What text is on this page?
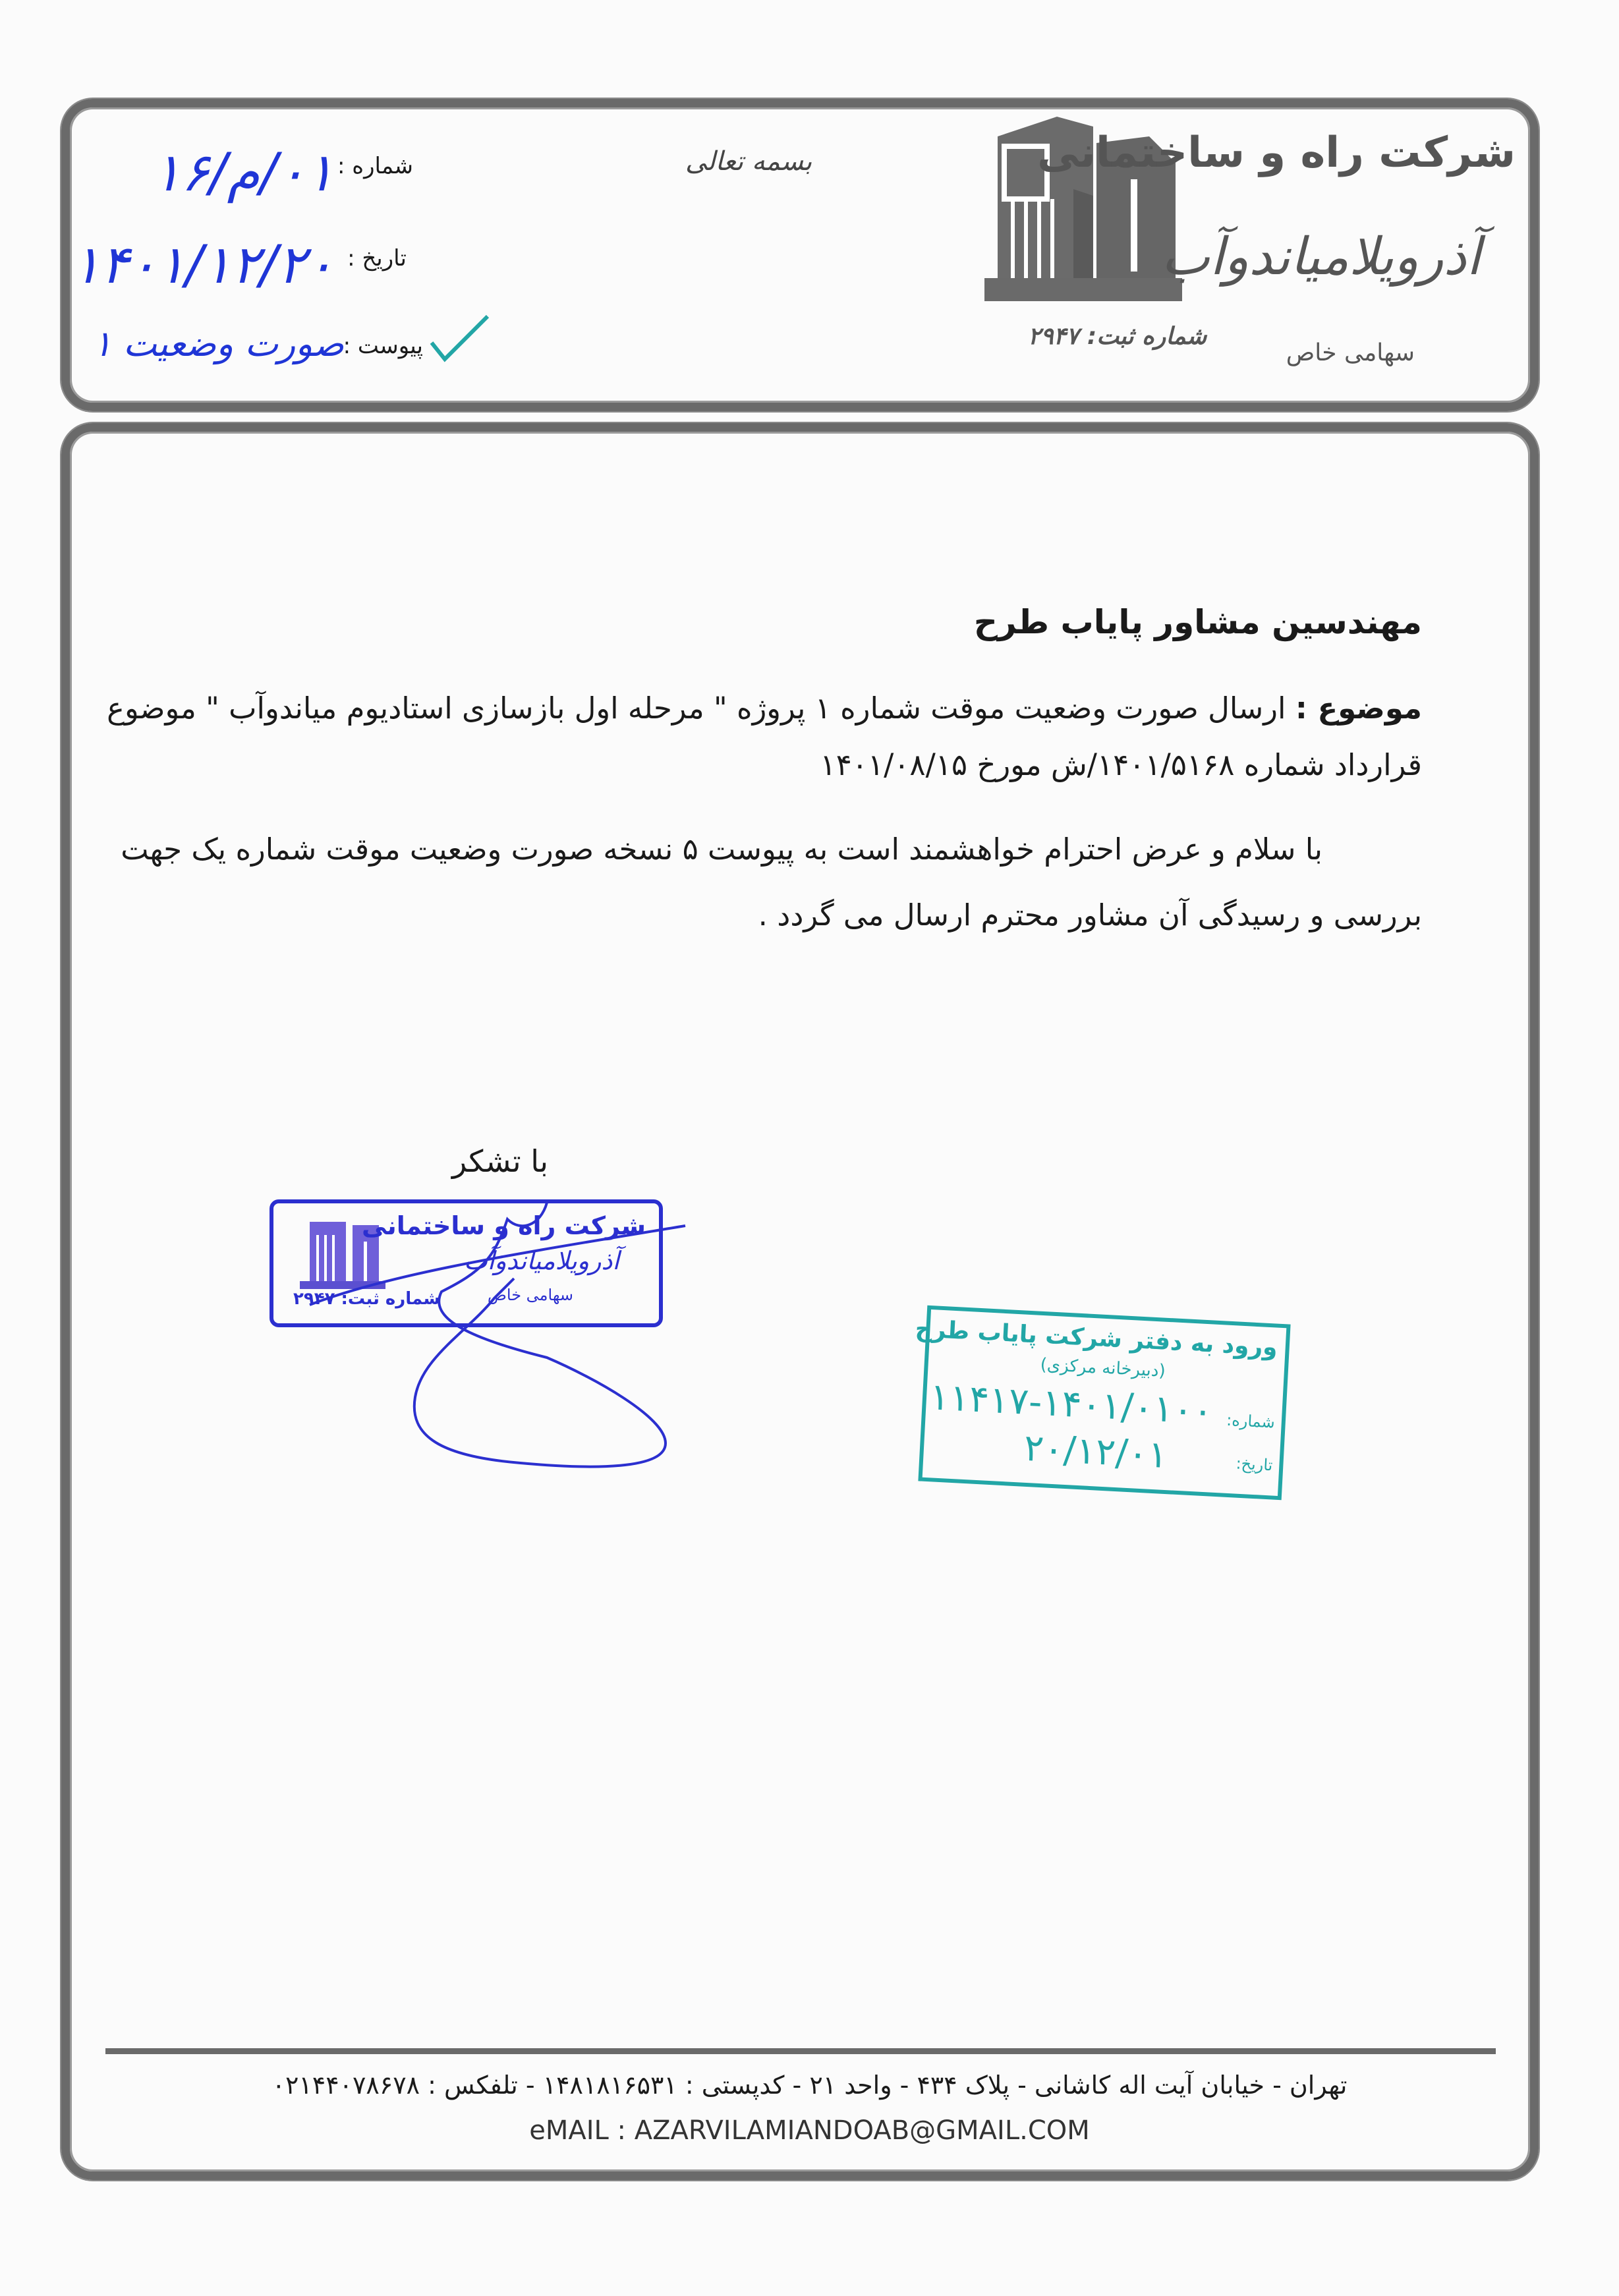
شرکت راه و ساختمانی
آذرویلامیاندوآب
سهامی خاص
شماره ثبت: ۲۹۴۷
بسمه تعالی
شماره :
۰۱/م/۱۶
تاریخ :
۱۴۰۱/۱۲/۲۰
پیوست :
صورت وضعیت ۱
مهندسین مشاور پایاب طرح
موضوع : ارسال صورت وضعیت موقت شماره ۱ پروژه " مرحله اول بازسازی استادیوم میاندوآب " موضوع
قرارداد شماره ۱۴۰۱/۵۱۶۸/ش مورخ ۱۴۰۱/۰۸/۱۵
با سلام و عرض احترام خواهشمند است به پیوست ۵ نسخه صورت وضعیت موقت شماره یک جهت
بررسی و رسیدگی آن مشاور محترم ارسال می گردد .
با تشکر
شرکت راه و ساختمانی
آذرویلامیاندوآب
سهامی خاص
شماره ثبت: ۲۹۴۷
ورود به دفتر شرکت پایاب طرح
(دبیرخانه مرکزی)
شماره:
۱۱۴۱۷-۱۴۰۱/۰۱۰۰
تاریخ:
۲۰/۱۲/۰۱
تهران - خیابان آیت اله کاشانی - پلاک ۴۳۴ - واحد ۲۱ - کدپستی : ۱۴۸۱۸۱۶۵۳۱ - تلفکس : ۰۲۱۴۴۰۷۸۶۷۸
eMAIL : AZARVILAMIANDOAB@GMAIL.COM
